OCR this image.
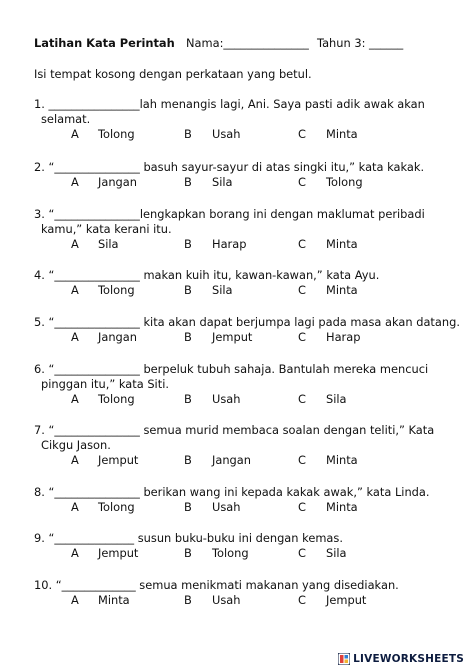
Latihan Kata Perintah Nama:_______________ Tahun 3: ______
Isi tempat kosong dengan perkataan yang betul.
1. ________________lah menangis lagi, Ani. Saya pasti adik awak akan
selamat.
A Tolong	B Usah	C Minta
2. “_______________ basuh sayur-sayur di atas singki itu,” kata kakak.
A Jangan	B Sila	C Tolong
3. “_______________lengkapkan borang ini dengan maklumat peribadi
kamu,” kata kerani itu.
A Sila	B Harap	C Minta
4. “_______________ makan kuih itu, kawan-kawan,” kata Ayu.
A Tolong	B Sila	C Minta
5. “_______________ kita akan dapat berjumpa lagi pada masa akan datang.
A Jangan	B Jemput	C Harap
6. “_______________ berpeluk tubuh sahaja. Bantulah mereka mencuci
pinggan itu,” kata Siti.
A Tolong	B Usah	C Sila
7. “_______________ semua murid membaca soalan dengan teliti,” Kata
Cikgu Jason.
A Jemput	B Jangan	C Minta
8. “_______________ berikan wang ini kepada kakak awak,” kata Linda.
A Tolong	B Usah	C Minta
9. “______________ susun buku-buku ini dengan kemas.
A Jemput	B Tolong	C Sila
10. “_____________ semua menikmati makanan yang disediakan.
A Minta	B Usah	C Jemput
LIVEWORKSHEETS
